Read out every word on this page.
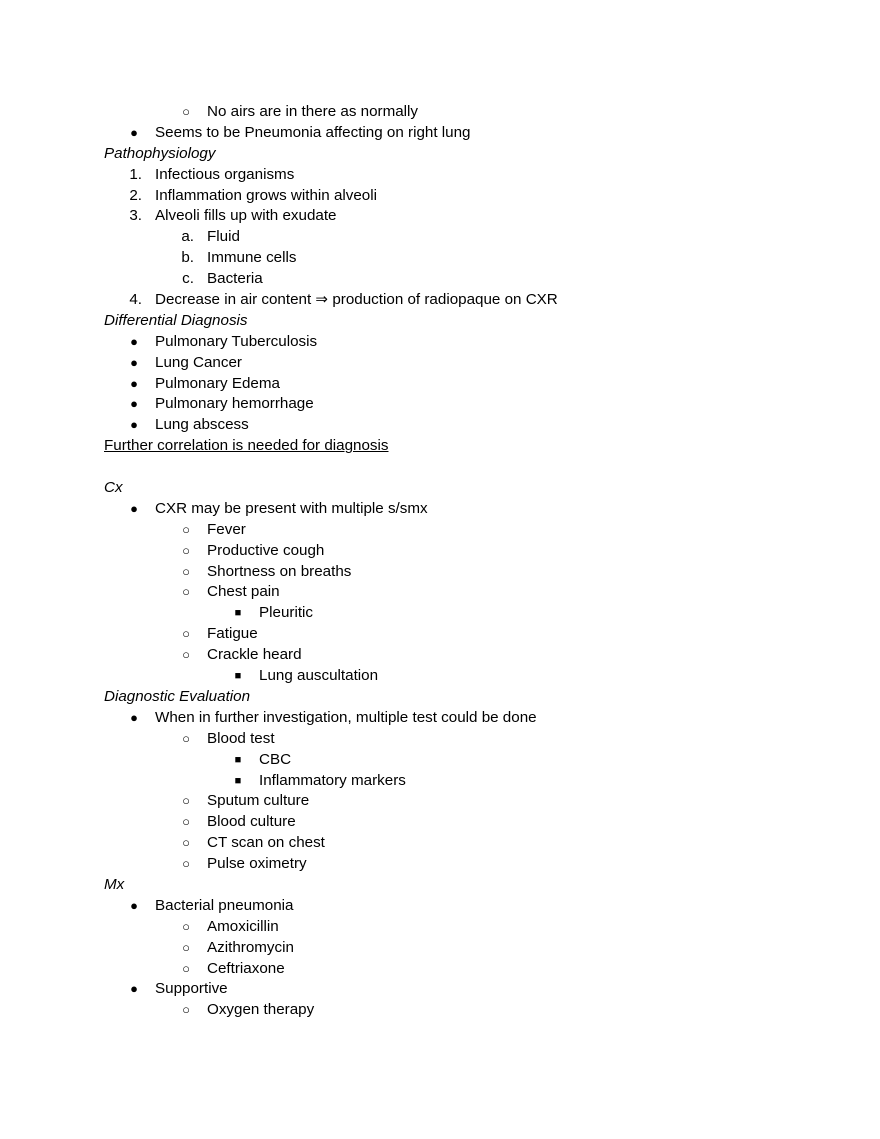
○	No airs are in there as normally
●	Seems to be Pneumonia affecting on right lung
Pathophysiology
1. Infectious organisms
2. Inflammation grows within alveoli
3. Alveoli fills up with exudate
a. Fluid
b. Immune cells
c. Bacteria
4. Decrease in air content ⇒ production of radiopaque on CXR
Differential Diagnosis
●	Pulmonary Tuberculosis
●	Lung Cancer
●	Pulmonary Edema
●	Pulmonary hemorrhage
●	Lung abscess
Further correlation is needed for diagnosis
Cx
●	CXR may be present with multiple s/smx
○	Fever
○	Productive cough
○	Shortness on breaths
○	Chest pain
■	Pleuritic
○	Fatigue
○	Crackle heard
■	Lung auscultation
Diagnostic Evaluation
●	When in further investigation, multiple test could be done
○	Blood test
■	CBC
■	Inflammatory markers
○	Sputum culture
○	Blood culture
○	CT scan on chest
○	Pulse oximetry
Mx
●	Bacterial pneumonia
○	Amoxicillin
○	Azithromycin
○	Ceftriaxone
●	Supportive
○	Oxygen therapy
